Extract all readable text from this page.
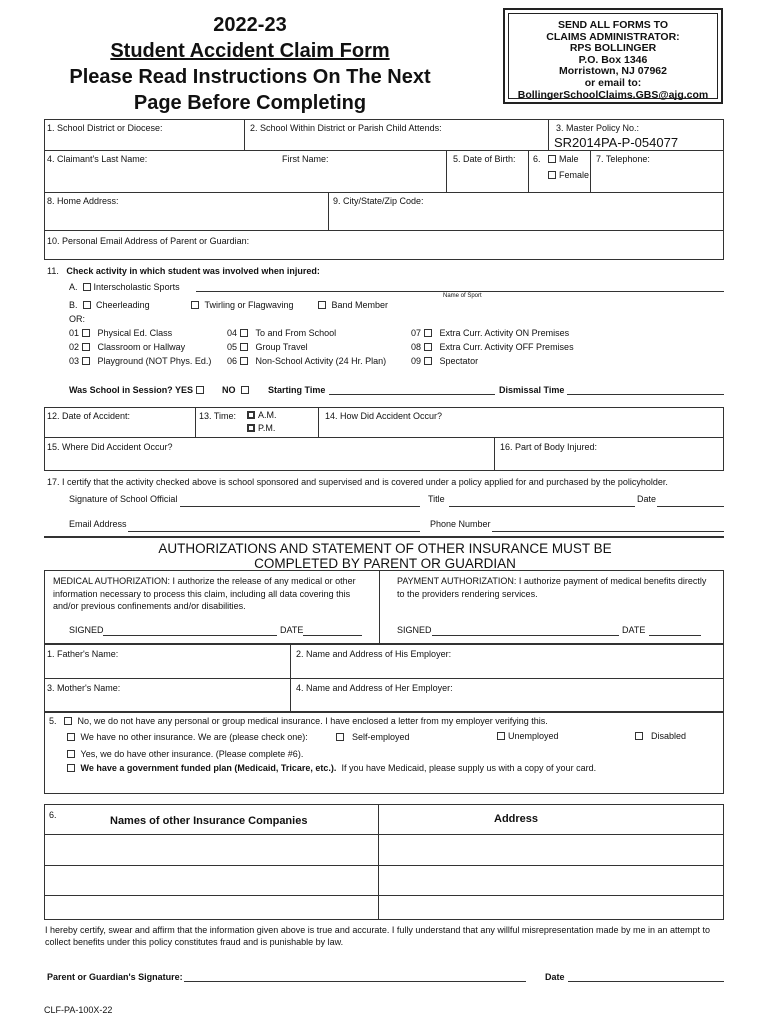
2022-23
Student Accident Claim Form
Please Read Instructions On The Next
Page Before Completing
SEND ALL FORMS TO
CLAIMS ADMINISTRATOR:
RPS BOLLINGER
P.O. Box 1346
Morristown, NJ 07962
or email to:
BollingerSchoolClaims.GBS@ajg.com
1. School District or Diocese:	2. School Within District or Parish Child Attends:	3. Master Policy No.:
SR2014PA-P-054077
4. Claimant's Last Name:	First Name:	5. Date of Birth: 6.	Male
Female
7. Telephone:
8. Home Address:	9. City/State/Zip Code:
10. Personal Email Address of Parent or Guardian:
11. Check activity in which student was involved when injured:
A. Interscholastic Sports
Name of Sport
B. Cheerleading	Twirling or Flagwaving	Band Member
OR:
01 Physical Ed. Class
02 Classroom or Hallway
03 Playground (NOT Phys. Ed.)
04 To and From School
05 Group Travel
06 Non-School Activity (24 Hr. Plan)
07 Extra Curr. Activity ON Premises
08 Extra Curr. Activity OFF Premises
09 Spectator
Was School in Session? YES	NO	Starting Time	Dismissal Time
12. Date of Accident:	13. Time:	A.M.
P.M.
14. How Did Accident Occur?
15. Where Did Accident Occur?	16. Part of Body Injured:
17. I certify that the activity checked above is school sponsored and supervised and is covered under a policy applied for and purchased by the policyholder.
Signature of School Official	Title	Date
Email Address	Phone Number
AUTHORIZATIONS AND STATEMENT OF OTHER INSURANCE MUST BE
COMPLETED BY PARENT OR GUARDIAN
MEDICAL AUTHORIZATION: I authorize the release of any medical or other
information necessary to process this claim, including all data covering this
and/or previous confinements and/or disabilities.
PAYMENT AUTHORIZATION: I authorize payment of medical benefits directly
to the providers rendering services.
SIGNED	DATE	SIGNED	DATE
1. Father's Name:	2. Name and Address of His Employer:
3. Mother's Name:	4. Name and Address of Her Employer:
5. No, we do not have any personal or group medical insurance. I have enclosed a letter from my employer verifying this.
We have no other insurance. We are (please check one):	Self-employed	Unemployed	Disabled
Yes, we do have other insurance. (Please complete #6).
We have a government funded plan (Medicaid, Tricare, etc.). If you have Medicaid, please supply us with a copy of your card.
6.	Names of other Insurance Companies	Address
I hereby certify, swear and affirm that the information given above is true and accurate. I fully understand that any willful misrepresentation made by me in an attempt to
collect benefits under this policy constitutes fraud and is punishable by law.
Parent or Guardian's Signature:	Date
CLF-PA-100X-22
